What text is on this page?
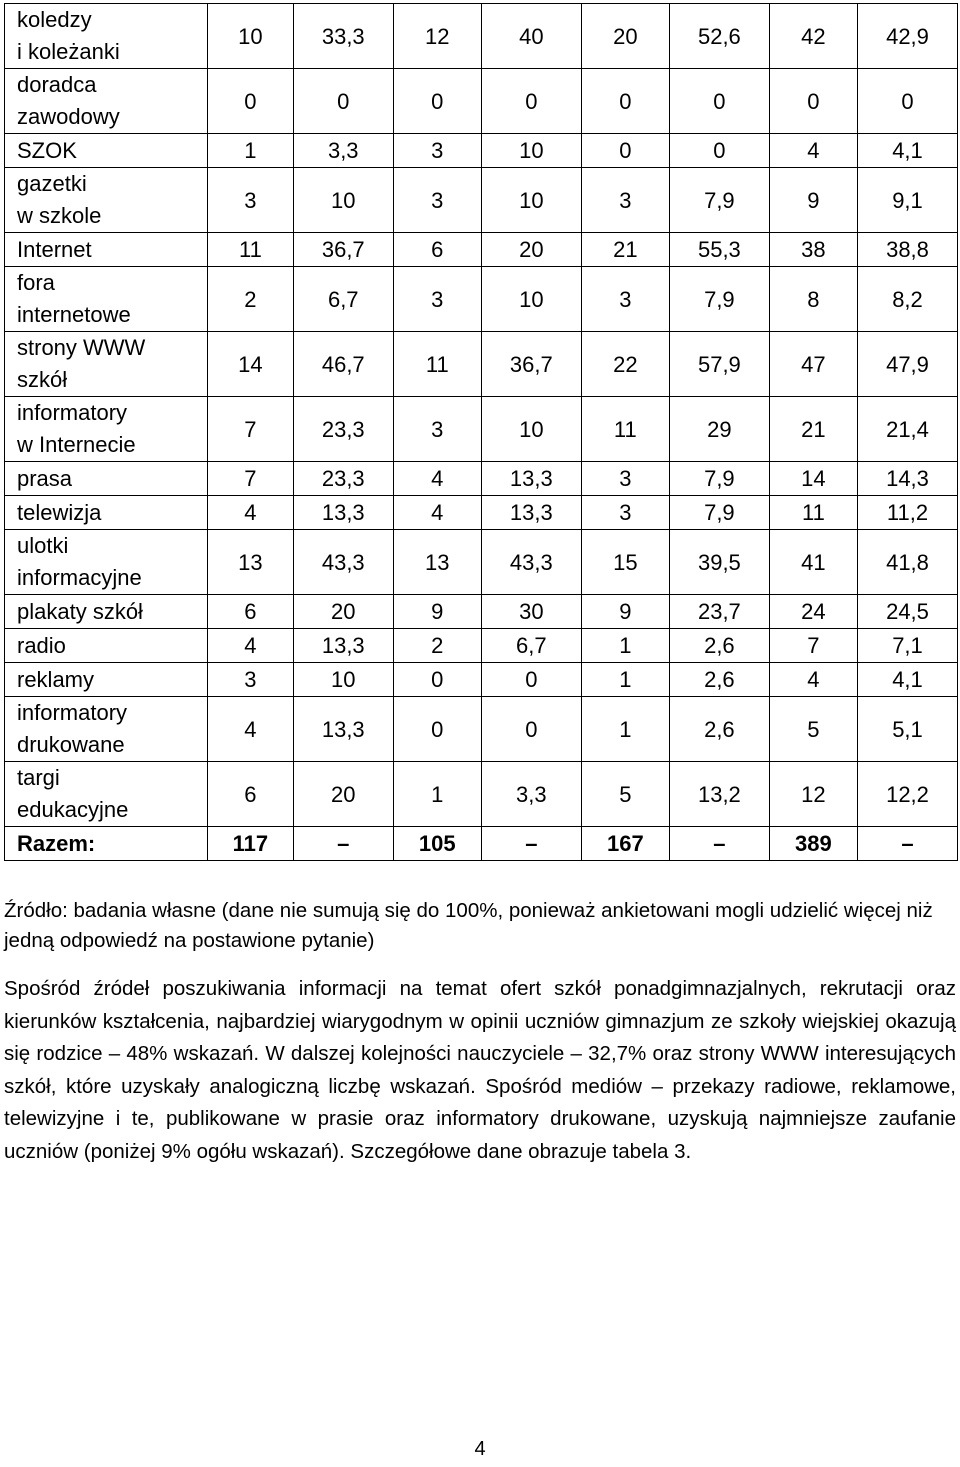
koledzy
i koleżanki	10	33,3	12	40	20	52,6	42	42,9

doradca
zawodowy	0	0	0	0	0	0	0	0

SZOK	1	3,3	3	10	0	0	4	4,1

gazetki
w szkole	3	10	3	10	3	7,9	9	9,1

Internet	11	36,7	6	20	21	55,3	38	38,8

fora
internetowe	2	6,7	3	10	3	7,9	8	8,2

strony WWW
szkół	14	46,7	11	36,7	22	57,9	47	47,9

informatory
w Internecie	7	23,3	3	10	11	29	21	21,4

prasa	7	23,3	4	13,3	3	7,9	14	14,3

telewizja	4	13,3	4	13,3	3	7,9	11	11,2

ulotki
informacyjne	13	43,3	13	43,3	15	39,5	41	41,8

plakaty szkół	6	20	9	30	9	23,7	24	24,5

radio	4	13,3	2	6,7	1	2,6	7	7,1

reklamy	3	10	0	0	1	2,6	4	4,1

informatory
drukowane	4	13,3	0	0	1	2,6	5	5,1

targi
edukacyjne	6	20	1	3,3	5	13,2	12	12,2
Razem:	117	–	105	–	167	–	389	–
Źródło: badania własne (dane nie sumują się do 100%, ponieważ ankietowani mogli udzielić więcej niż jedną odpowiedź na postawione pytanie)
Spośród źródeł poszukiwania informacji na temat ofert szkół ponadgimnazjalnych, rekrutacji oraz kierunków kształcenia, najbardziej wiarygodnym w opinii uczniów gimnazjum ze szkoły wiejskiej okazują się rodzice – 48% wskazań. W dalszej kolejności nauczyciele – 32,7% oraz strony WWW interesujących szkół, które uzyskały analogiczną liczbę wskazań. Spośród mediów – przekazy radiowe, reklamowe, telewizyjne i te, publikowane w prasie oraz informatory drukowane, uzyskują najmniejsze zaufanie uczniów (poniżej 9% ogółu wskazań). Szczegółowe dane obrazuje tabela 3.
4
